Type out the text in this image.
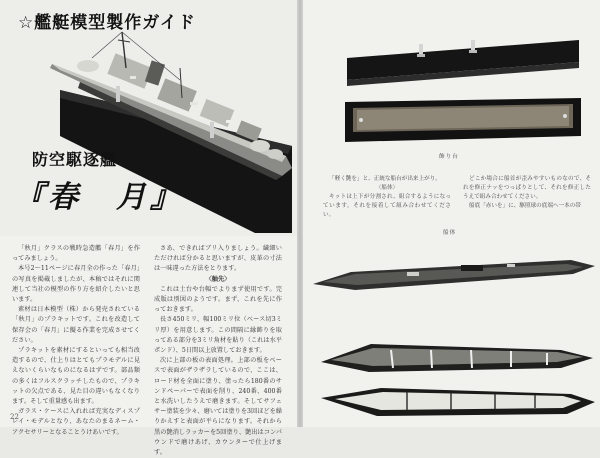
☆艦艇模型製作ガイド
防空駆逐艦
『春　月』

「秋月」クラスの戦時急造艦「春月」を作ってみましょう。

本号2〜11ページに春月全の作った「春月」の写真を掲載しましたが、本稿ではそれに関連して当社の模型の作り方を紹介したいと思います。

素材は日本模型（株）から発売されている「秋月」のプラキットです。これを改造して保存会の「春月」に擬る作業を完成させてください。

プラキットを素材にするといっても相当改造するので、仕上りはとてもプラモデルに見えないくらいなものになるはずです。部品類の多くはフルスクラッチしたもので、プラキットの欠点である、見た目の違いもなくなります。そして重量感も出ます。

ガラス・ケースに入れれば充実なディスプレイ・モデルとなり、あなたのまるネーム・アクセサリーとなることうけあいです。

さあ、できればブリ入りましょう。繊細いただければ分かると思いますが、皮革の寸法は一味違った方法をとります。

〈舳先〉

これは土台や台幅でよりまず使用です。完成版は別図のようです。まず、これを先に作っておきます。

長さ450ミリ、幅100ミリ位（ベース切3ミリ厚）を用意します。この間隔に縁飾りを取ってある部分を3ミリ角材を貼り（これは水平ポンド）、5日間以上放置しておきます。

次に上部の板の表面処理。上部の板をベースで表面がザラザラしているので、ここは、ロード材を全面に塗り、塗ったら180番のサンドペーパーで表面を削り、240番、400番と水洗いしたうえで磨きます。そしてサフェサー塗装を少々、磨いては塗りを3回ほどを繰りかえすと表面が平らになります。それから黒の艶消しラッカーを5回塗り、艶出はコンパウンドで磨けあげ、カウンターで仕上げます。

22
飾り台

「軽く艶を」と、正統な船台が出来上がり。

〈船体〉

キットは上下が分割され、組合するようになっています。それを接着して組み合わせてください。

どこか場合に船首が歪みやすいものなので、それを修正ナッをつっぱりとして、それを修正したうえで組み合わせてください。

船底「赤いを」に、駆照球の底端へ一本の帯

船体
